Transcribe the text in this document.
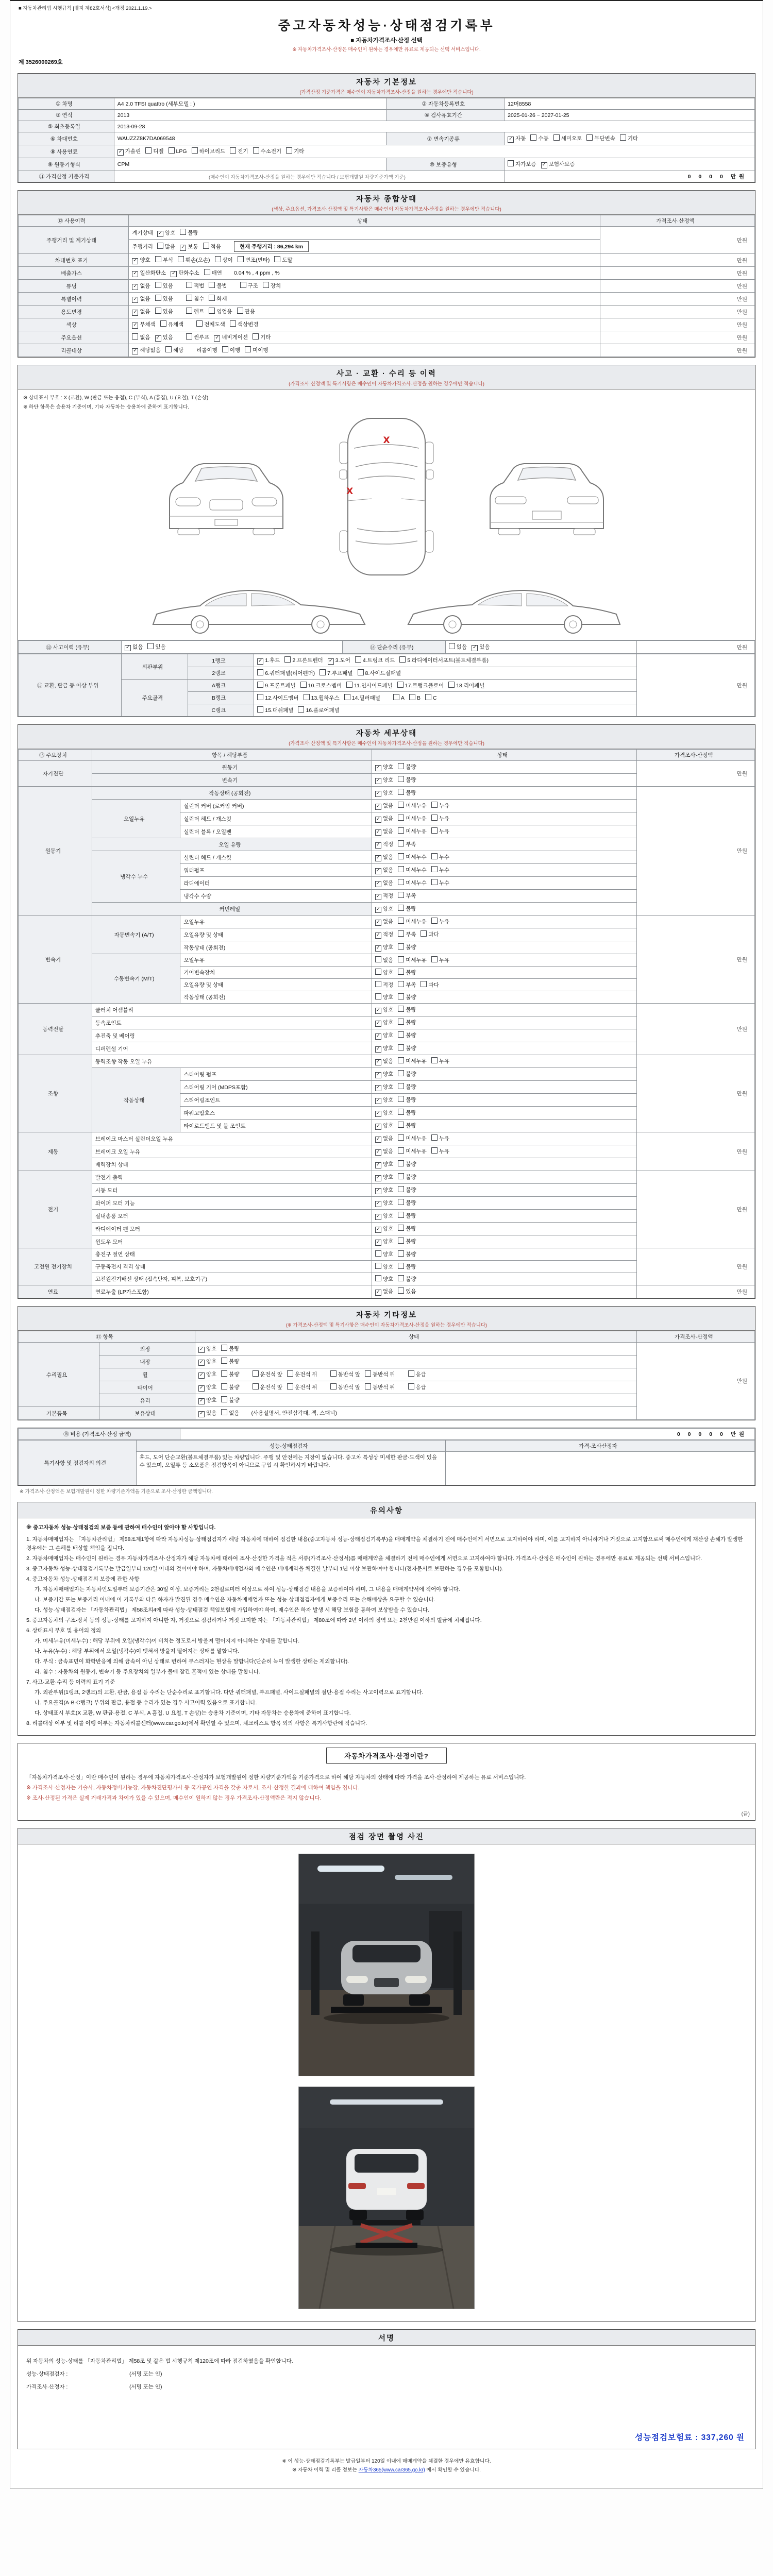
■ 자동차관리법 시행규칙 [별지 제82호서식] <개정 2021.1.19.>
중고자동차성능·상태점검기록부
■ 자동차가격조사·산정 선택
※ 자동차가격조사·산정은 매수인이 원하는 경우에만 유료로 제공되는 선택 서비스입니다.
제 3526000269호
자동차 기본정보
(가격산정 기준가격은 매수인이 자동차가격조사·산정을 원하는 경우에만 적습니다)
① 차명	A4 2.0 TFSI quattro (세부모델 : )	② 자동차등록번호	12머8558
③ 연식	2013	④ 검사유효기간	2025-01-26 ~ 2027-01-25
⑤ 최초등록일	2013-09-28		
⑥ 차대번호	WAUZZZ8K7DA069548	⑦ 변속기종류	✓자동 수동 세미오토 무단변속 기타
⑧ 사용연료	✓가솔린 디젤 LPG 하이브리드 전기 수소전기 기타
⑨ 원동기형식	CPM	⑩ 보증유형	자가보증 ✓ 보험사보증
⑪ 가격산정 기준가격	(매수인이 자동차가격조사·산정을 원하는 경우에만 적습니다 / 보험개발원 차량기준가액 기준)		0 0 0 0 만원
자동차 종합상태
(색상, 주요옵션, 가격조사·산정액 및 특기사항은 매수인이 자동차가격조사·산정을 원하는 경우에만 적습니다)
⑫ 사용이력	상태	가격조사·산정액
주행거리 및 계기상태	계기상태 ✓ 양호 불량	만원
	주행거리 많음 ✓ 보통 적음 현재 주행거리 : 86,294 km
차대번호 표기	✓양호 부식 훼손(오손) 상이 변조(변타) 도말	만원
배출가스	✓일산화탄소 ✓ 탄화수소 매연 0.04 % , 4 ppm , %	만원
튜닝	✓없음 있음 적법 불법 구조 장치	만원
특별이력	✓없음 있음 침수 화재	만원
용도변경	✓없음 있음 렌트 영업용 관용	만원
색상	✓무채색 유채색 전체도색 색상변경	만원
주요옵션	없음 ✓ 있음 썬루프 ✓ 네비게이션 기타	만원
리콜대상	✓해당없음 해당 리콜이행 이행 미이행	만원
사고 · 교환 · 수리 등 이력
(가격조사·산정액 및 특기사항은 매수인이 자동차가격조사·산정을 원하는 경우에만 적습니다)
※ 상태표시 부호 : X (교환), W (판금 또는 용접), C (부식), A (흠집), U (요철), T (손상)
※ 하단 항목은 승용차 기준이며, 기타 자동차는 승용차에 준하여 표기합니다.
X
X
⑬ 사고이력 (유무)	✓없음 있음	⑭ 단순수리 (유무)	없음 ✓ 있음	만원
⑮ 교환, 판금 등 이상 부위	외판부위	1랭크	✓1.후드 2.프론트펜더 ✓ 3.도어 4.트렁크 리드 5.라디에이터서포트(볼트체결부품)	만원
		2랭크	6.쿼터패널(리어펜더) 7.루프패널 8.사이드실패널	
	주요골격	A랭크	9.프론트패널 10.크로스멤버 11.인사이드패널 17.트렁크플로어 18.리어패널	
		B랭크	12.사이드멤버 13.휠하우스 14.필러패널 A B C	
		C랭크	15.대쉬패널 16.플로어패널	
자동차 세부상태
(가격조사·산정액 및 특기사항은 매수인이 자동차가격조사·산정을 원하는 경우에만 적습니다)
⑯ 주요장치	항목 / 해당부품		상태	가격조사·산정액
자기진단	원동기	✓양호 불량	만원
	변속기	✓양호 불량
원동기	작동상태 (공회전)	✓양호 불량	만원
	오일누유	실린더 커버 (로커암 커버)	✓없음 미세누유 누유
		실린더 헤드 / 개스킷	✓없음 미세누유 누유
		실린더 블록 / 오일팬	✓없음 미세누유 누유
	오일 유량	✓적정 부족
	냉각수 누수	실린더 헤드 / 개스킷	✓없음 미세누수 누수
		워터펌프	✓없음 미세누수 누수
		라디에이터	✓없음 미세누수 누수
		냉각수 수량	✓적정 부족
	커먼레일	✓양호 불량
변속기	자동변속기 (A/T)	오일누유	✓없음 미세누유 누유	만원
		오일유량 및 상태	✓적정 부족 과다
		작동상태 (공회전)	✓양호 불량
	수동변속기 (M/T)	오일누유	없음 미세누유 누유	
		기어변속장치	양호 불량	
		오일유량 및 상태	적정 부족 과다	
		작동상태 (공회전)	양호 불량	
동력전달	클러치 어셈블리	✓양호 불량	만원
	등속조인트	✓양호 불량
	추진축 및 베어링	✓양호 불량
	디퍼렌셜 기어	✓양호 불량
조향	동력조향 작동 오일 누유	✓없음 미세누유 누유	만원
	작동상태	스티어링 펌프	✓양호 불량
		스티어링 기어 (MDPS포함)	✓양호 불량
		스티어링조인트	✓양호 불량
		파워고압호스	✓양호 불량
		타이로드엔드 및 볼 조인트	✓양호 불량
제동	브레이크 마스터 실린더오일 누유	✓없음 미세누유 누유	만원
	브레이크 오일 누유	✓없음 미세누유 누유
	배력장치 상태	✓양호 불량
전기	발전기 출력	✓양호 불량	만원
	시동 모터	✓양호 불량
	와이퍼 모터 기능	✓양호 불량
	실내송풍 모터	✓양호 불량
	라디에이터 팬 모터	✓양호 불량
	윈도우 모터	✓양호 불량
고전원 전기장치	충전구 절연 상태		양호 불량	만원
	구동축전지 격리 상태		양호 불량	
	고전원전기배선 상태 (접속단자, 피복, 보호기구)		양호 불량	
연료	연료누출 (LP가스포함)	✓없음 있음	만원
자동차 기타정보
(※ 가격조사·산정액 및 특기사항은 매수인이 자동차가격조사·산정을 원하는 경우에만 적습니다)
⑰ 항목		상태	가격조사·산정액
수리필요	외장	✓양호 불량	만원
	내장	✓양호 불량
	휠	✓양호 불량 운전석 앞 운전석 뒤 동반석 앞 동반석 뒤 응급
	타이어	✓양호 불량 운전석 앞 운전석 뒤 동반석 앞 동반석 뒤 응급
	유리	✓양호 불량
기본품목	보유상태	✓있음 없음 (사용설명서, 안전삼각대, 잭, 스패너)
⑱ 비용 (가격조사·산정 금액)	0 0 0 0 0 만원
특기사항 및 점검자의 의견	성능·상태점검자	가격·조사산정자
	후드, 도어 단순교환(볼트체결부품) 있는 차량입니다. 주행 및 안전에는 지장이 없습니다. 중고차 특성상 미세한 판금·도색이 있을 수 있으며, 오일류 등 소모품은 점검항목이 아니므로 구입 시 확인하시기 바랍니다.	
※ 가격조사·산정액은 보험개발원이 정한 차량기준가액을 기준으로 조사·산정한 금액입니다.
유의사항
※ 중고자동차 성능·상태점검의 보증 등에 관하여 매수인이 알아야 할 사항입니다.
1. 자동차매매업자는 「자동차관리법」 제58조제1항에 따라 자동차성능·상태점검자가 해당 자동차에 대하여 점검한 내용(중고자동차 성능·상태점검기록부)을 매매계약을 체결하기 전에 매수인에게 서면으로 고지하여야 하며, 이를 고지하지 아니하거나 거짓으로 고지함으로써 매수인에게 재산상 손해가 발생한 경우에는 그 손해를 배상할 책임을 집니다.
2. 자동차매매업자는 매수인이 원하는 경우 자동차가격조사·산정자가 해당 자동차에 대하여 조사·산정한 가격을 적은 서류(가격조사·산정서)를 매매계약을 체결하기 전에 매수인에게 서면으로 고지하여야 합니다. 가격조사·산정은 매수인이 원하는 경우에만 유료로 제공되는 선택 서비스입니다.
3. 중고자동차 성능·상태점검기록부는 발급일부터 120일 이내의 것이어야 하며, 자동차매매업자와 매수인은 매매계약을 체결한 날부터 1년 이상 보관하여야 합니다(전자문서로 보관하는 경우를 포함합니다).
4. 중고자동차 성능·상태점검의 보증에 관한 사항
가. 자동차매매업자는 자동차인도일부터 보증기간은 30일 이상, 보증거리는 2천킬로미터 이상으로 하여 성능·상태점검 내용을 보증하여야 하며, 그 내용을 매매계약서에 적어야 합니다.
나. 보증기간 또는 보증거리 이내에 이 기록부와 다른 하자가 발견된 경우 매수인은 자동차매매업자 또는 성능·상태점검자에게 보증수리 또는 손해배상을 요구할 수 있습니다.
다. 성능·상태점검자는 「자동차관리법」 제58조의4에 따라 성능·상태점검 책임보험에 가입하여야 하며, 매수인은 하자 발생 시 해당 보험을 통하여 보상받을 수 있습니다.
5. 중고자동차의 구조·장치 등의 성능·상태를 고지하지 아니한 자, 거짓으로 점검하거나 거짓 고지한 자는 「자동차관리법」 제80조에 따라 2년 이하의 징역 또는 2천만원 이하의 벌금에 처해집니다.
6. 상태표시 부호 및 용어의 정의
가. 미세누유(미세누수) : 해당 부위에 오일(냉각수)이 비치는 정도로서 방울져 떨어지지 아니하는 상태를 말합니다.
나. 누유(누수) : 해당 부위에서 오일(냉각수)이 맺혀서 방울져 떨어지는 상태를 말합니다.
다. 부식 : 금속표면이 화학반응에 의해 금속이 아닌 상태로 변하여 부스러지는 현상을 말합니다(단순히 녹이 발생한 상태는 제외합니다).
라. 침수 : 자동차의 원동기, 변속기 등 주요장치의 일부가 물에 잠긴 흔적이 있는 상태를 말합니다.
7. 사고·교환·수리 등 이력의 표기 기준
가. 외판부위(1랭크, 2랭크)의 교환, 판금, 용접 등 수리는 단순수리로 표기합니다. 다만 쿼터패널, 루프패널, 사이드실패널의 절단·용접 수리는 사고이력으로 표기합니다.
나. 주요골격(A·B·C랭크) 부위의 판금, 용접 등 수리가 있는 경우 사고이력 있음으로 표기합니다.
다. 상태표시 부호(X 교환, W 판금·용접, C 부식, A 흠집, U 요철, T 손상)는 승용차 기준이며, 기타 자동차는 승용차에 준하여 표기합니다.
8. 리콜대상 여부 및 리콜 이행 여부는 자동차리콜센터(www.car.go.kr)에서 확인할 수 있으며, 체크리스트 항목 외의 사항은 특기사항란에 적습니다.
자동차가격조사·산정이란?
「자동차가격조사·산정」이란 매수인이 원하는 경우에 자동차가격조사·산정자가 보험개발원이 정한 차량기준가액을 기준가격으로 하여 해당 자동차의 상태에 따라 가격을 조사·산정하여 제공하는 유료 서비스입니다.
※ 가격조사·산정자는 기술사, 자동차정비기능장, 자동차진단평가사 등 국가공인 자격을 갖춘 자로서, 조사·산정한 결과에 대하여 책임을 집니다.
※ 조사·산정된 가격은 실제 거래가격과 차이가 있을 수 있으며, 매수인이 원하지 않는 경우 가격조사·산정액란은 적지 않습니다.
(끝)
점검 장면 촬영 사진
서명
위 자동차의 성능·상태를 「자동차관리법」 제58조 및 같은 법 시행규칙 제120조에 따라 점검하였음을 확인합니다.
성능·상태점검자 :                                         (서명 또는 인)
가격조사·산정자 :                                         (서명 또는 인)
성능점검보험료 : 337,260 원
※ 이 성능·상태점검기록부는 발급일부터 120일 이내에 매매계약을 체결한 경우에만 유효합니다.
※ 자동차 이력 및 리콜 정보는 자동차365(www.car365.go.kr) 에서 확인할 수 있습니다.
